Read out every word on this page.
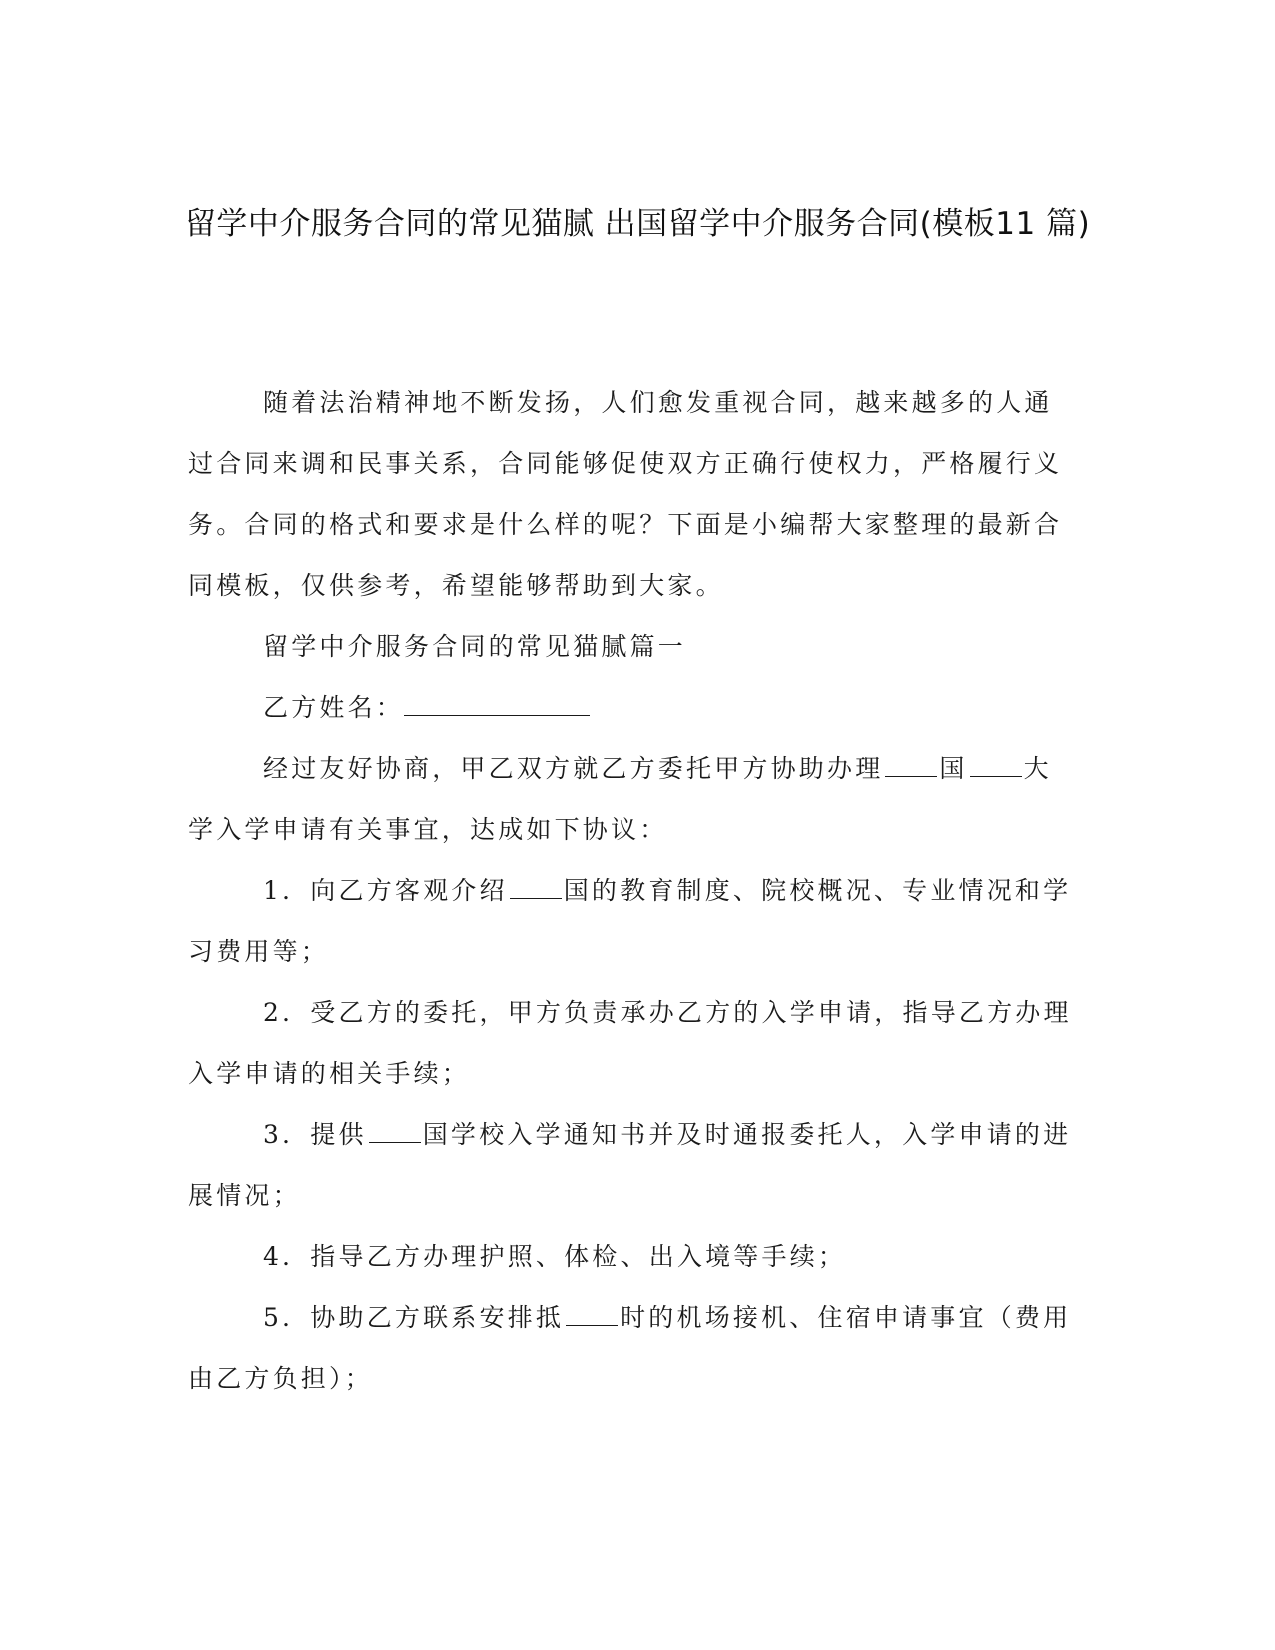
留学中介服务合同的常见猫腻 出国留学中介服务合同(模板11 篇)

随着法治精神地不断发扬，人们愈发重视合同，越来越多的人通过合同来调和民事关系，合同能够促使双方正确行使权力，严格履行义务。合同的格式和要求是什么样的呢？下面是小编帮大家整理的最新合同模板，仅供参考，希望能够帮助到大家。

留学中介服务合同的常见猫腻篇一

乙方姓名：

经过友好协商，甲乙双方就乙方委托甲方协助办理 国 大学入学申请有关事宜，达成如下协议：

1．向乙方客观介绍 国的教育制度、院校概况、专业情况和学习费用等；

2．受乙方的委托，甲方负责承办乙方的入学申请，指导乙方办理入学申请的相关手续；

3．提供 国学校入学通知书并及时通报委托人，入学申请的进展情况；

4．指导乙方办理护照、体检、出入境等手续；

5．协助乙方联系安排抵 时的机场接机、住宿申请事宜（费用由乙方负担）；
